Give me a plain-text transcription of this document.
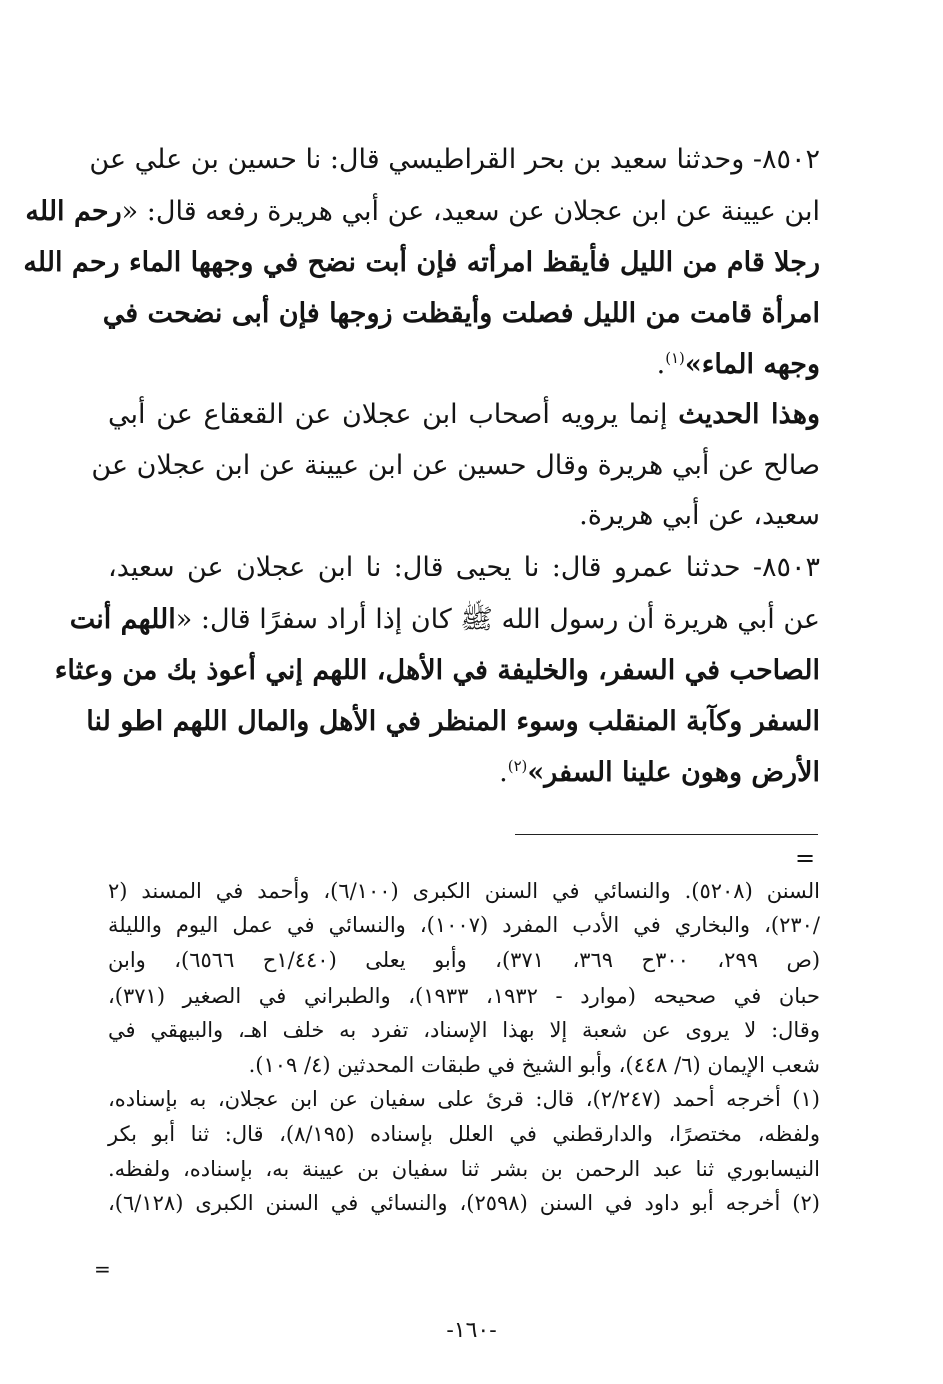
٨٥٠٢- وحدثنا سعيد بن بحر القراطيسي قال: نا حسين بن علي عن
ابن عيينة عن ابن عجلان عن سعيد، عن أبي هريرة رفعه قال: «رحم الله
رجلا قام من الليل فأيقظ امرأته فإن أبت نضح في وجهها الماء رحم الله
امرأة قامت من الليل فصلت وأيقظت زوجها فإن أبى نضحت في
وجهه الماء»$^{(١)}$.
وهذا الحديث إنما يرويه أصحاب ابن عجلان عن القعقاع عن أبي
صالح عن أبي هريرة وقال حسين عن ابن عيينة عن ابن عجلان عن
سعيد، عن أبي هريرة.
٨٥٠٣- حدثنا عمرو قال: نا يحيى قال: نا ابن عجلان عن سعيد،
عن أبي هريرة أن رسول الله ﷺ كان إذا أراد سفرًا قال: «اللهم أنت
الصاحب في السفر، والخليفة في الأهل، اللهم إني أعوذ بك من وعثاء
السفر وكآبة المنقلب وسوء المنظر في الأهل والمال اللهم اطو لنا
الأرض وهون علينا السفر»$^{(٢)}$.
=
السنن (٥٢٠٨). والنسائي في السنن الكبرى (٦/١٠٠)، وأحمد في المسند (٢
/٢٣٠)، والبخاري في الأدب المفرد (١٠٠٧)، والنسائي في عمل اليوم والليلة
(ص ٢٩٩، ٣٠٠ح ٣٦٩، ٣٧١)، وأبو يعلى (١/٤٤٠ح ٦٥٦٦)، وابن
حبان في صحيحه (موارد - ١٩٣٢، ١٩٣٣)، والطبراني في الصغير (٣٧١)،
وقال: لا يروى عن شعبة إلا بهذا الإسناد، تفرد به خلف اهـ، والبيهقي في
شعب الإيمان (٦/ ٤٤٨)، وأبو الشيخ في طبقات المحدثين (٤/ ١٠٩).
(١) أخرجه أحمد (٢/٢٤٧)، قال: قرئ على سفيان عن ابن عجلان، به بإسناده،
ولفظه، مختصرًا، والدارقطني في العلل بإسناده (٨/١٩٥)، قال: ثنا أبو بكر
النيسابوري ثنا عبد الرحمن بن بشر ثنا سفيان بن عيينة به، بإسناده، ولفظه.
(٢) أخرجه أبو داود في السنن (٢٥٩٨)، والنسائي في السنن الكبرى (٦/١٢٨)،
=
-١٦٠-
